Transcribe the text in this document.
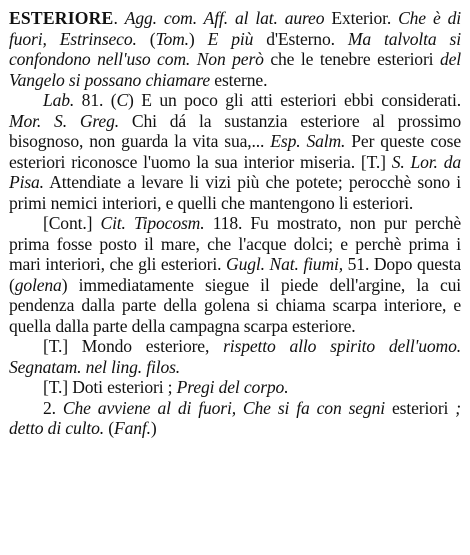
ESTERIORE. Agg. com. Aff. al lat. aureo Exterior. Che è di fuori, Estrinseco. (Tom.) E più d'Esterno. Ma talvolta si confondono nell'uso com. Non però che le tenebre esteriori del Vangelo si possano chiamare esterne.

Lab. 81. (C) E un poco gli atti esteriori ebbi considerati. Mor. S. Greg. Chi dá la sustanzia esteriore al prossimo bisognoso, non guarda la vita sua,... Esp. Salm. Per queste cose esteriori riconosce l'uomo la sua interior miseria. [T.] S. Lor. da Pisa. Attendiate a levare li vizi più che potete; perocchè sono i primi nemici interiori, e quelli che mantengono li esteriori.

[Cont.] Cit. Tipocosm. 118. Fu mostrato, non pur perchè prima fosse posto il mare, che l'acque dolci; e perchè prima i mari interiori, che gli esteriori. Gugl. Nat. fiumi, 51. Dopo questa (golena) immediatamente siegue il piede dell'argine, la cui pendenza dalla parte della golena si chiama scarpa interiore, e quella dalla parte della campagna scarpa esteriore.

[T.] Mondo esteriore, rispetto allo spirito dell'uomo. Segnatam. nel ling. filos.

[T.] Doti esteriori ; Pregi del corpo.

2. Che avviene al di fuori, Che si fa con segni esteriori ; detto di culto. (Fanf.)
